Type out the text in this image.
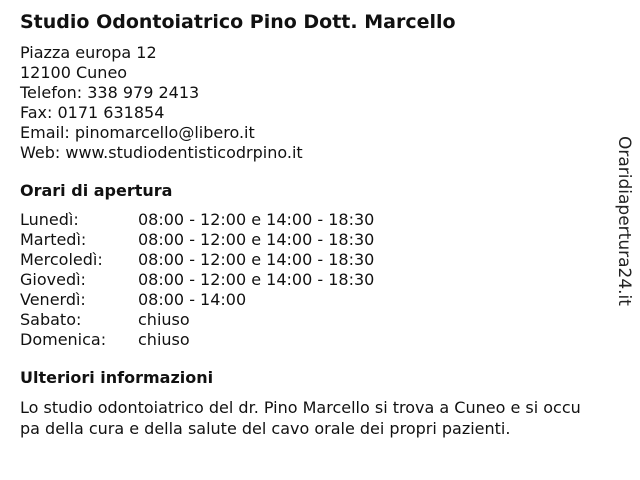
Studio Odontoiatrico Pino Dott. Marcello
Piazza europa 12
12100 Cuneo
Telefon: 338 979 2413
Fax: 0171 631854
Email: pinomarcello@libero.it
Web: www.studiodentisticodrpino.it
Orari di apertura
Lunedì:	08:00 - 12:00 e 14:00 - 18:30
Martedì:	08:00 - 12:00 e 14:00 - 18:30
Mercoledì:	08:00 - 12:00 e 14:00 - 18:30
Giovedì:	08:00 - 12:00 e 14:00 - 18:30
Venerdì:	08:00 - 14:00
Sabato:	chiuso
Domenica:	chiuso
Ulteriori informazioni

Lo studio odontoiatrico del dr. Pino Marcello si trova a Cuneo e si occupa della cura e della salute del cavo orale dei propri pazienti.

Oraridiapertura24.it
